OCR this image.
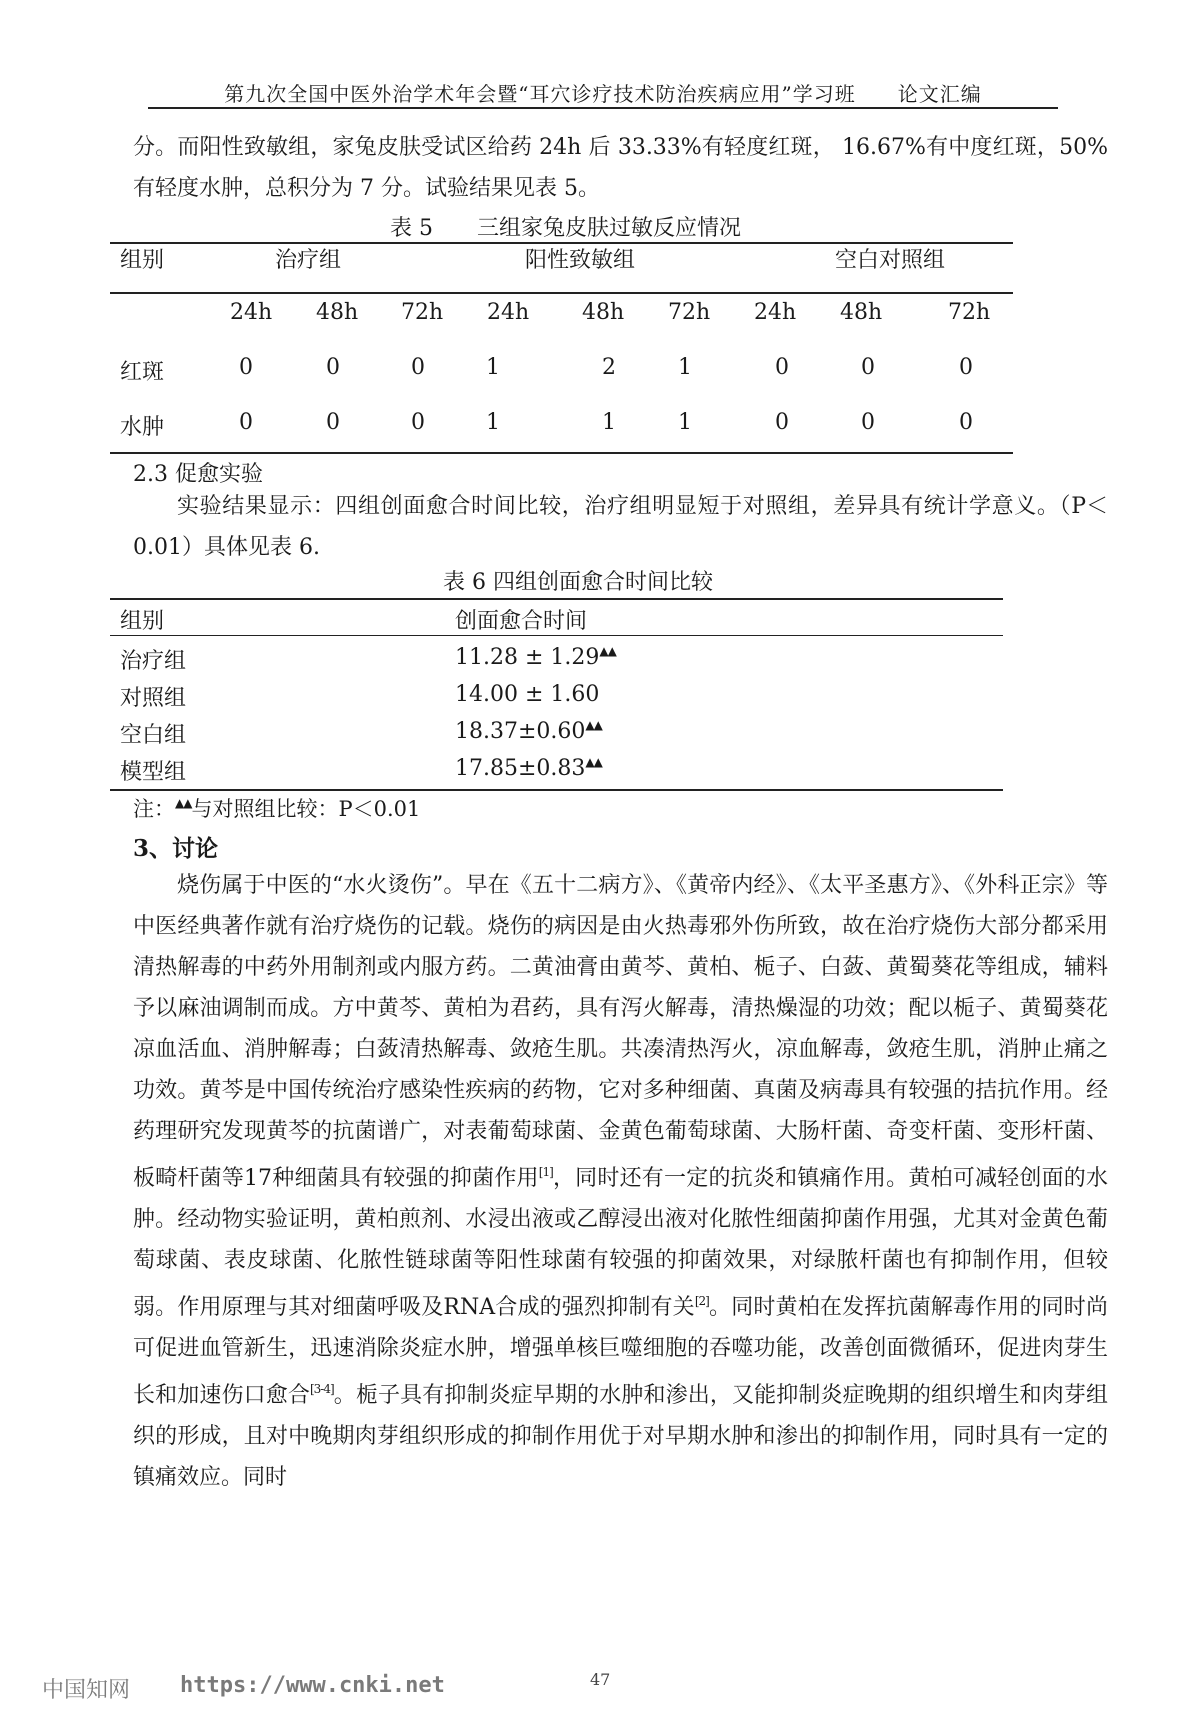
第九次全国中医外治学术年会暨“耳穴诊疗技术防治疾病应用”学习班　　论文汇编

分。而阳性致敏组，家兔皮肤受试区给药 24h 后 33.33%有轻度红斑， 16.67%有中度红斑，50%有轻度水肿，总积分为 7 分。试验结果见表 5。

表 5　　三组家兔皮肤过敏反应情况
组别	治疗组	阳性致敏组	空白对照组
24h 48h 72h 24h 48h 72h 24h 48h	72h
红斑	0	0	0	1	2	1	0	0	0
水肿	0	0	0	1	1	1	0	0	0
2.3 促愈实验

实验结果显示：四组创面愈合时间比较，治疗组明显短于对照组，差异具有统计学意义。（P＜0.01）具体见表 6.

表 6 四组创面愈合时间比较
组别	创面愈合时间
治疗组	11.28 ± 1.29▲▲
对照组	14.00 ± 1.60
空白组	18.37±0.60▲▲
模型组	17.85±0.83▲▲
注：▲▲与对照组比较：P＜0.01
3、讨论

烧伤属于中医的“水火烫伤”。早在《五十二病方》、《黄帝内经》、《太平圣惠方》、《外科正宗》等中医经典著作就有治疗烧伤的记载。烧伤的病因是由火热毒邪外伤所致，故在治疗烧伤大部分都采用清热解毒的中药外用制剂或内服方药。二黄油膏由黄芩、黄柏、栀子、白蔹、黄蜀葵花等组成，辅料予以麻油调制而成。方中黄芩、黄柏为君药，具有泻火解毒，清热燥湿的功效；配以栀子、黄蜀葵花凉血活血、消肿解毒；白蔹清热解毒、敛疮生肌。共凑清热泻火，凉血解毒，敛疮生肌，消肿止痛之功效。黄芩是中国传统治疗感染性疾病的药物，它对多种细菌、真菌及病毒具有较强的拮抗作用。经药理研究发现黄芩的抗菌谱广，对表葡萄球菌、金黄色葡萄球菌、大肠杆菌、奇变杆菌、变形杆菌、板畸杆菌等17种细菌具有较强的抑菌作用[1]，同时还有一定的抗炎和镇痛作用。黄柏可减轻创面的水肿。经动物实验证明，黄柏煎剂、水浸出液或乙醇浸出液对化脓性细菌抑菌作用强，尤其对金黄色葡萄球菌、表皮球菌、化脓性链球菌等阳性球菌有较强的抑菌效果，对绿脓杆菌也有抑制作用，但较弱。作用原理与其对细菌呼吸及RNA合成的强烈抑制有关[2]。同时黄柏在发挥抗菌解毒作用的同时尚可促进血管新生，迅速消除炎症水肿，增强单核巨噬细胞的吞噬功能，改善创面微循环，促进肉芽生长和加速伤口愈合[3-4]。栀子具有抑制炎症早期的水肿和渗出，又能抑制炎症晚期的组织增生和肉芽组织的形成，且对中晚期肉芽组织形成的抑制作用优于对早期水肿和渗出的抑制作用，同时具有一定的镇痛效应。同时

中国知网 https://www.cnki.net	47
